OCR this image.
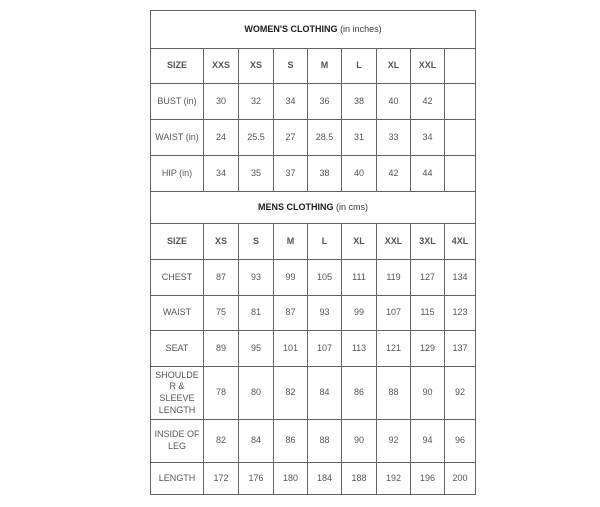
WOMEN'S CLOTHING (in inches)								
SIZE	XXS	XS	S	M	L	XL	XXL	
BUST (in)	30	32	34	36	38	40	42	
WAIST (in)	24	25.5	27	28.5	31	33	34	
HIP (in)	34	35	37	38	40	42	44	
MENS CLOTHING (in cms)								
SIZE	XS	S	M	L	XL	XXL	3XL	4XL
CHEST	87	93	99	105	111	119	127	134
WAIST	75	81	87	93	99	107	115	123
SEAT	89	95	101	107	113	121	129	137
SHOULDER & SLEEVE LENGTH	78	80	82	84	86	88	90	92
INSIDE OF LEG	82	84	86	88	90	92	94	96
LENGTH	172	176	180	184	188	192	196	200
